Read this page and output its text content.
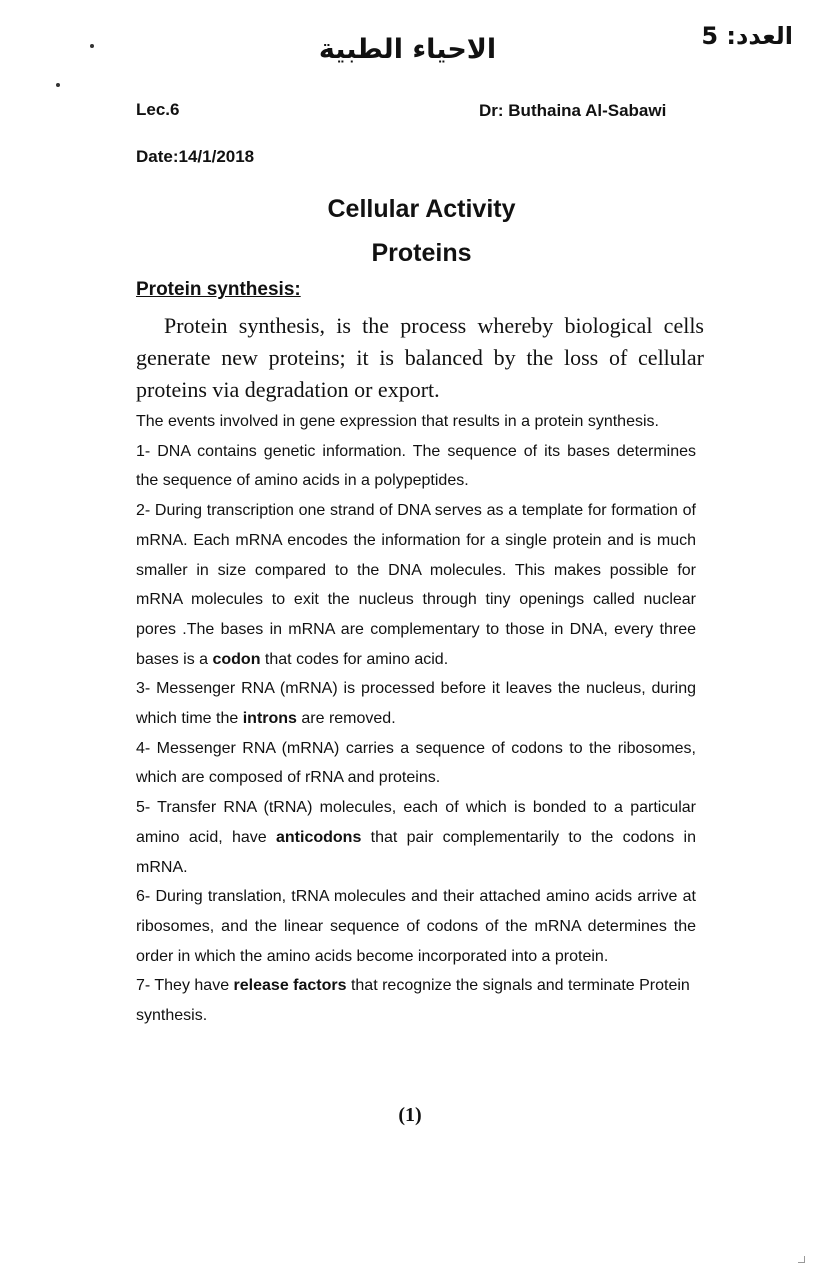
العدد: 5
الاحياء الطبية
Lec.6	Dr: Buthaina Al-Sabawi
Date:14/1/2018
Cellular Activity
Proteins
Protein synthesis:
Protein synthesis, is the process whereby biological cells generate new proteins; it is balanced by the loss of cellular proteins via degradation or export.

The events involved in gene expression that results in a protein synthesis.

1- DNA contains genetic information. The sequence of its bases determines the sequence of amino acids in a polypeptides.

2- During transcription one strand of DNA serves as a template for formation of mRNA. Each mRNA encodes the information for a single protein and is much smaller in size compared to the DNA molecules. This makes possible for mRNA molecules to exit the nucleus through tiny openings called nuclear pores .The bases in mRNA are complementary to those in DNA, every three bases is a codon that codes for amino acid.

3- Messenger RNA (mRNA) is processed before it leaves the nucleus, during which time the introns are removed.

4- Messenger RNA (mRNA) carries a sequence of codons to the ribosomes, which are composed of rRNA and proteins.

5- Transfer RNA (tRNA) molecules, each of which is bonded to a particular amino acid, have anticodons that pair complementarily to the codons in mRNA.

6- During translation, tRNA molecules and their attached amino acids arrive at ribosomes, and the linear sequence of codons of the mRNA determines the order in which the amino acids become incorporated into a protein.

7- They have release factors that recognize the signals and terminate Protein synthesis.

(1)
